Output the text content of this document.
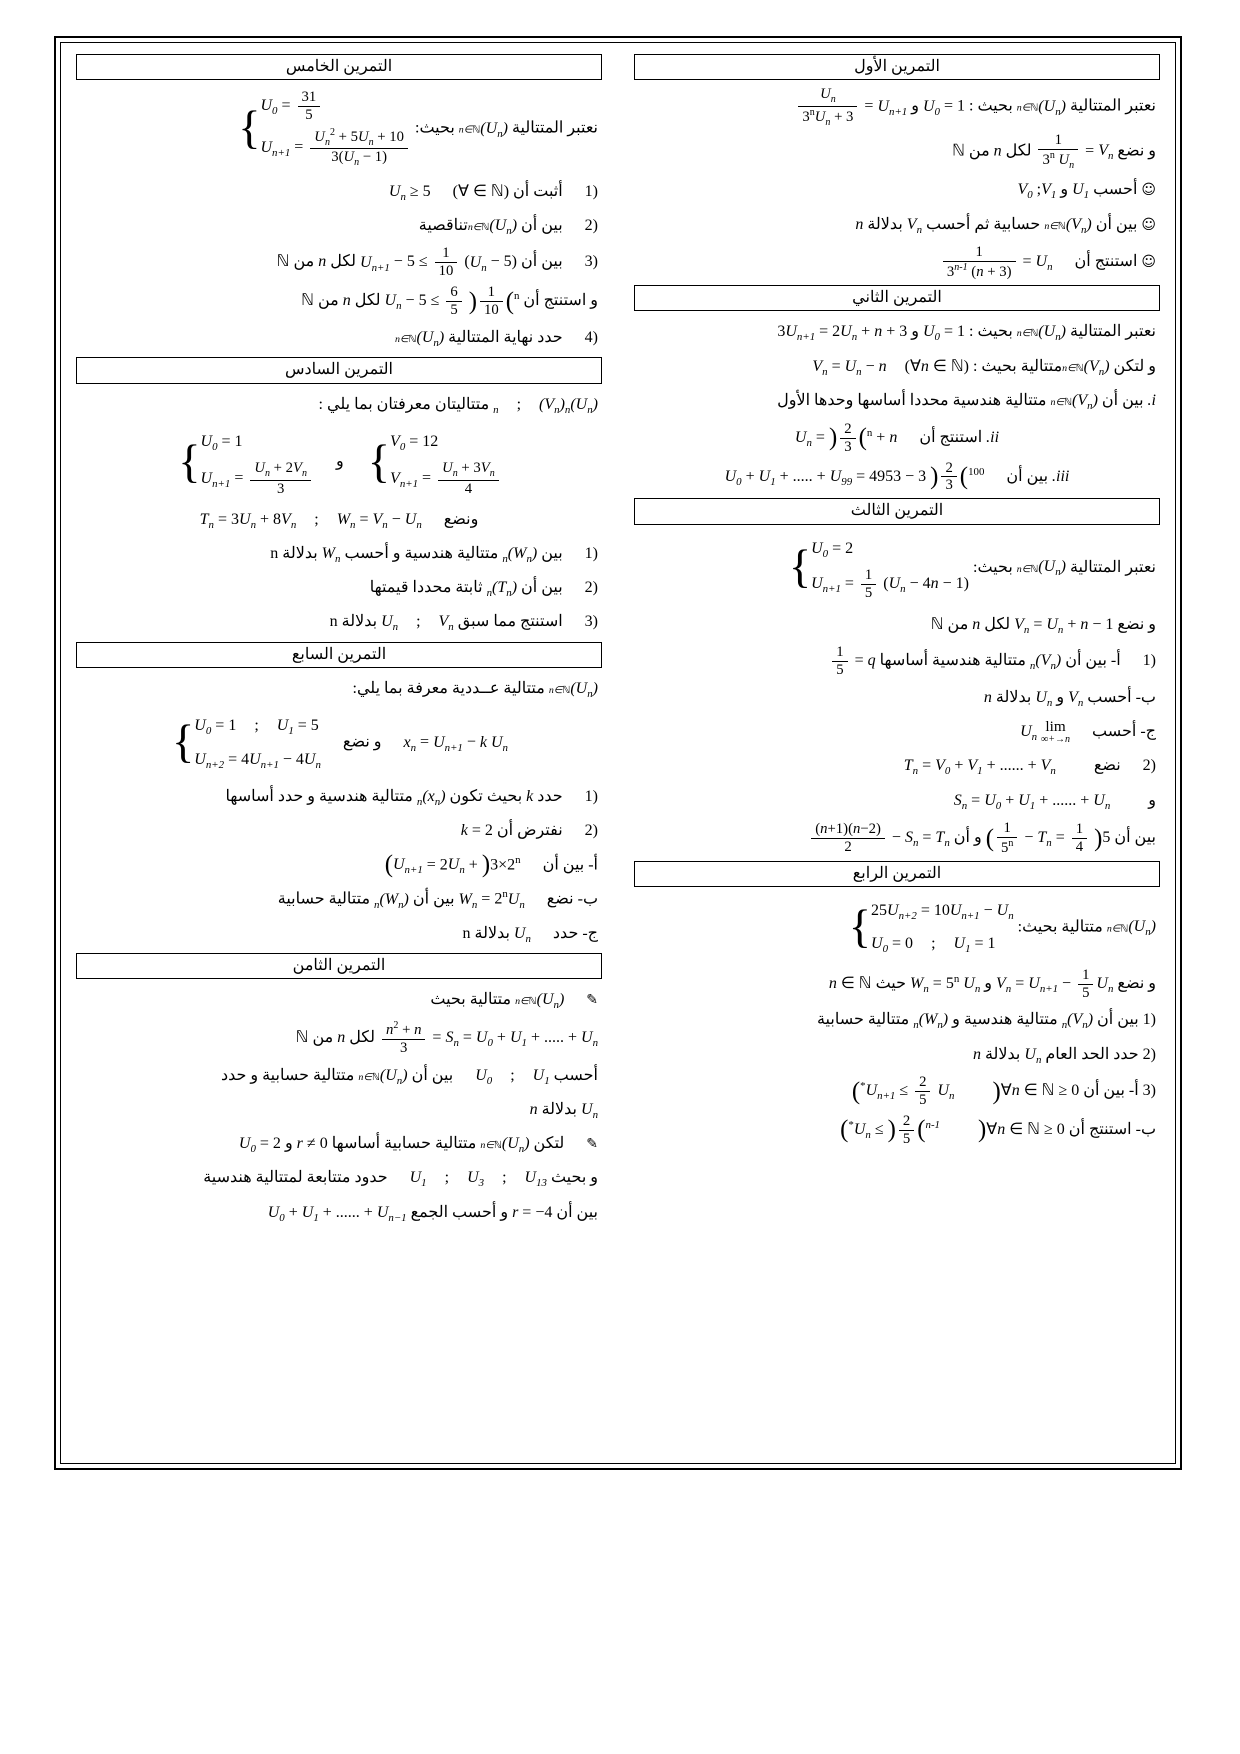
التمرين الأول
نعتبر المتتالية $(U_n)n\in ℕ$ بحيث : $U_0 = 1$ و $U_{n+1}$ =
$\frac{U_n}{3^nU_n + 3}$
و نضع $V_n$ =
$\frac{1}{3^n U_n}$
لكل n من ℕ
☺ أحسب $U_1$ و $V_0$ $;V_1$
☺ بين أن $(V_n)n\in ℕ$ حسابية ثم أحسب $V_n$ بدلالة n
☺ استنتج أن  $U_n$ =
$\frac{1}{3^{n-1} (n + 3)}$
التمرين الثاني
نعتبر المتتالية $(U_n)n\in ℕ$ بحيث : $U_0 = 1$ و $3U_{n+1} = 2U_n + n + 3$
و لتكن $(V_n)n\in ℕمتتالية$ بحيث : $V_n = U_n - n$ (∀n ∈ ℕ)
i. بين أن $(V_n)n\in ℕ$ متتالية هندسية محددا أساسها وحدها الأول
ii. استنتج أن  $U_n$ = ( $\frac{2}{3} )^n + n$
iii. بين أن  $U_0 + U_1$ + ..... + $U_{99} = 4953 - 3$ ( $\frac{2}{3} )^{100}$
التمرين الثالث
نعتبر المتتالية $(U_n)n\in ℕ$ بحيث:
{ $U_0 = 2$
$U_{n+1} = \frac{1}{5} (U_n - 4n - 1)$
و نضع $V_n = U_n + n - 1$ لكل n من ℕ
(1  أ- بين أن $(V_n)_n$ متتالية هندسية أساسها q =
$\frac{1}{5}$
ب- أحسب $V_n$ و $U_n$ بدلالة n
ج- أحسب  lim
n→+∞
$U_n$
(2  نضع  $T_n = V_0 + V_1$ + ...... + $V_n$
و  $S_n = U_0 + U_1$ + ...... + $U_n$
بين أن $T_n = \frac{1}{4} (5$ −
$\frac{1}{5^n}$
) و أن $S_n = T_n$ −
$\frac{(n-2)(n+1)}{2}$
التمرين الرابع
$(U_n)n\in ℕ$ متتالية بحيث:
{ $25U_{n+2} = 10U_{n+1} - U_n$
$U_0 = 0$ ; $U_1 = 1$
و نضع $V_n = U_{n+1} - \frac{1}{5} U_n$ و $W_n = 5^n$ $U_n$ حيث n ∈ ℕ
(1 بين أن $(V_n)_n$ متتالية هندسية و $(W_n)_n$ متتالية حسابية
(2 حدد الحد العام $U_n$ بدلالة n
(3 أ- بين أن $0 \le U_{n+1} \le \frac{2}{5} U_n$ (∀n ∈ ℕ*)
ب- استنتج أن $0 \le U_n$ ≤ ( $\frac{2}{5} )^{n-1}$ (∀n ∈ ℕ*)
التمرين الخامس
نعتبر المتتالية $(U_n)n\in ℕ$ بحيث:
{ $U_0 = \frac{31}{5}$
$U_{n+1} = \frac{U_n^2 + 5U_n + 10}{3(U_n - 1)}$
(1  أثبت أن $U_n \ge 5$ (∀ ∈ ℕ)
(2  بين أن $(U_n)n\in ℕتناقصية$
(3  بين أن $U_{n+1} - 5 \le \frac{1}{10} (U_n - 5)$ لكل n من ℕ
و استنتج أن $U_n - 5 \le \frac{6}{5}$ ( $\frac{1}{10} )^n$ لكل n من ℕ
(4  حدد نهاية المتتالية $(U_n)n\in ℕ$
التمرين السادس
$(U_n)_n$ ; $(V_n)_n$ متتاليتان معرفتان بما يلي :
{ $V_0 = 12$
$V_{n+1} = \frac{U_n + 3V_n}{4}$
و
{ $U_0 = 1$
$U_{n+1} = \frac{U_n + 2V_n}{3}$
ونضع  $T_n = 3U_n + 8V_n$ ; $W_n = V_n - U_n$
(1  بين $(W_n)_n$ متتالية هندسية و أحسب $W_n$ بدلالة n
(2  بين أن $(T_n)_n$ ثابتة محددا قيمتها
(3  استنتج مما سبق $U_n$ ; $V_n$ بدلالة n
التمرين السابع
$(U_n)n\in ℕ$ متتالية عــددية معرفة بما يلي:
$x_n = U_{n+1} - k$ $U_n$  و نضع
{ $U_0 = 1$ ; $U_1 = 5$
$U_{n+2} = 4U_{n+1} - 4U_n$
(1  حدد k بحيث تكون $(x_n)_n$ متتالية هندسية و حدد أساسها
(2  نفترض أن k = 2
أ- بين أن  $U_{n+1} = 2U_n + (3\times 2^n)$
ب- نضع  $W_n = 2^nU_n$ بين أن $(W_n)_n$ متتالية حسابية
ج- حدد  $U_n$ بدلالة n
التمرين الثامن
✎  $(U_n)n\in ℕ$ متتالية بحيث
$S_n = U_0 + U_1$ + ..... + $U_n$ =
$\frac{n^2 + n}{3}$
لكل n من ℕ
أحسب $U_0$ ; $U_1$  بين أن $(U_n)n\in ℕ$ متتالية حسابية و حدد
$U_n$ بدلالة n
✎  لتكن $(U_n)n\in ℕ$ متتالية حسابية أساسها r ≠ 0 و $U_0 = 2$
و بحيث $U_1$ ; $U_3$ ; $U_{13}$  حدود متتابعة لمتتالية هندسية
بين أن r = −4 و أحسب الجمع $U_0 + U_1$ + ...... + $U_{n-1}$
